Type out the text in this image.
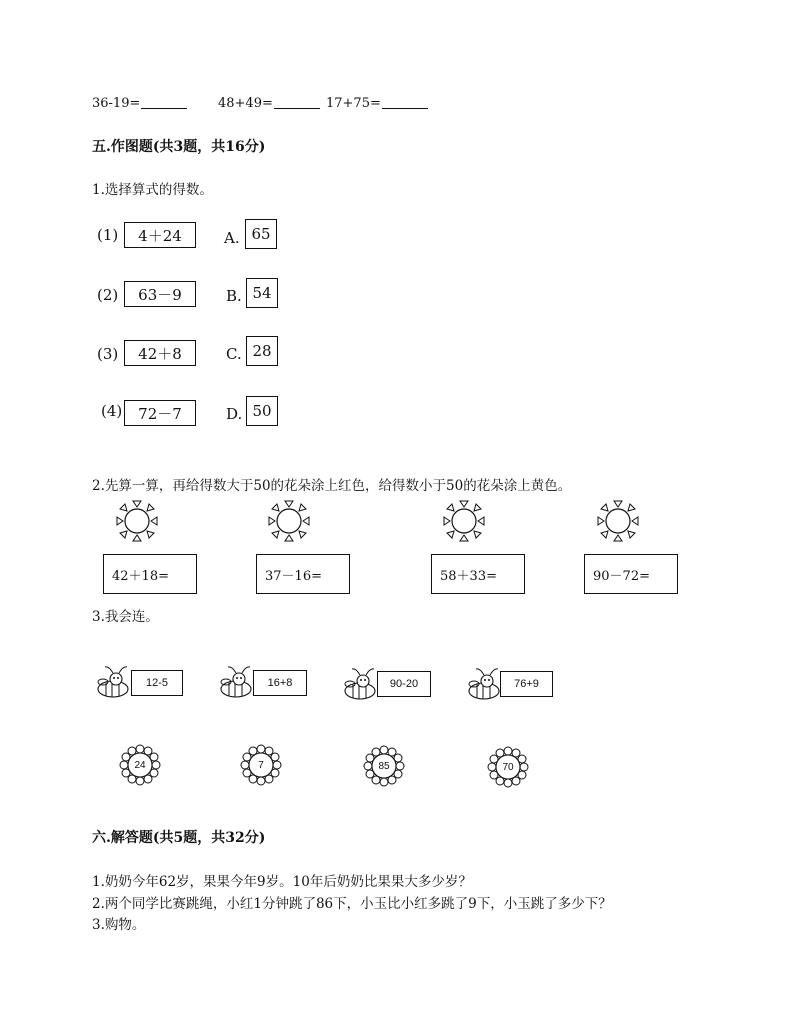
36-19=	48+49=	17+75=
五.作图题(共3题，共16分)
1.选择算式的得数。
(1)	4＋24	A. 65
(2)	63－9	B. 54
(3)	42＋8	C. 28
(4)	72－7	D. 50
2.先算一算，再给得数大于50的花朵涂上红色，给得数小于50的花朵涂上黄色。
42＋18=	37－16=	58＋33=	90－72=
3.我会连。
12-5	16+8	90-20	76+9
24	7	85	70
六.解答题(共5题，共32分)
1.奶奶今年62岁，果果今年9岁。10年后奶奶比果果大多少岁？
2.两个同学比赛跳绳，小红1分钟跳了86下，小玉比小红多跳了9下，小玉跳了多少下？
3.购物。
